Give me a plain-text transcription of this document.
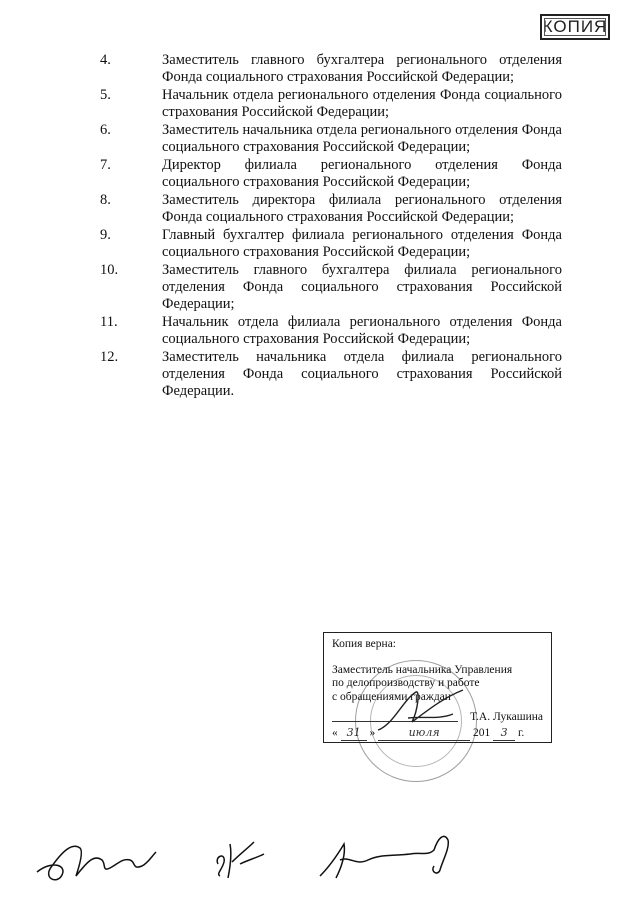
КОПИЯ
4.	Заместитель главного бухгалтера регионального отделения Фонда социального страхования Российской Федерации;
5.	Начальник отдела регионального отделения Фонда социального страхования Российской Федерации;
6.	Заместитель начальника отдела регионального отделения Фонда социального страхования Российской Федерации;
7.	Директор филиала регионального отделения Фонда социального страхования Российской Федерации;
8.	Заместитель директора филиала регионального отделения Фонда социального страхования Российской Федерации;
9.	Главный бухгалтер филиала регионального отделения Фонда социального страхования Российской Федерации;
10.	Заместитель главного бухгалтера филиала регионального отделения Фонда социального страхования Российской Федерации;
11.	Начальник отдела филиала регионального отделения Фонда социального страхования Российской Федерации;
12.	Заместитель начальника отдела филиала регионального отделения Фонда социального страхования Российской Федерации.
Копия верна:
Заместитель начальника Управления
по делопроизводству и работе
с обращениями граждан
Т.А. Лукашина
« 31 »	июля	201 3 г.
